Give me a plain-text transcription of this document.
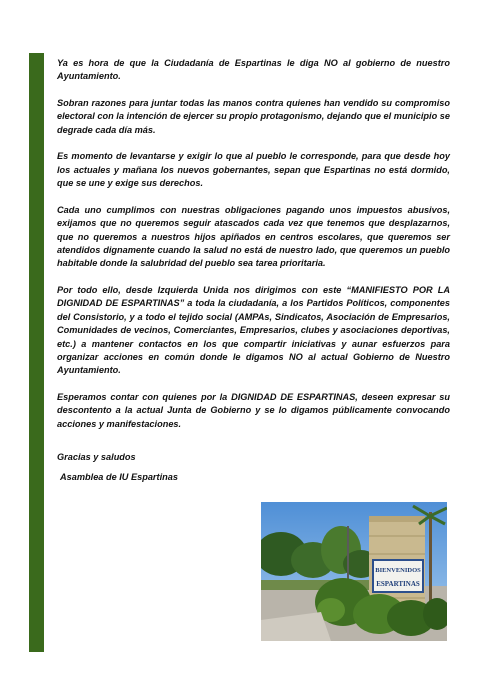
Ya es hora de que la Ciudadanía de Espartinas le diga NO al gobierno de nuestro Ayuntamiento.

Sobran razones para juntar todas las manos contra quienes han vendido su compromiso electoral con la intención de ejercer su propio protagonismo, dejando que el municipio se degrade cada día más.

Es momento de levantarse y exigir lo que al pueblo le corresponde, para que desde hoy los actuales y mañana los nuevos gobernantes, sepan que Espartinas no está dormido, que se une y exige sus derechos.

Cada uno cumplimos con nuestras obligaciones pagando unos impuestos abusivos, exijamos que no queremos seguir atascados cada vez que tenemos que desplazarnos, que no queremos a nuestros hijos apiñados en centros escolares, que queremos ser atendidos dignamente cuando la salud no está de nuestro lado, que queremos un pueblo habitable donde la salubridad del pueblo sea tarea prioritaria.

Por todo ello, desde Izquierda Unida nos dirigimos con este “MANIFIESTO POR LA DIGNIDAD DE ESPARTINAS” a toda la ciudadanía, a los Partidos Políticos, componentes del Consistorio, y a todo el tejido social (AMPAs, Sindicatos, Asociación de Empresarios, Comunidades de vecinos, Comerciantes, Empresarios, clubes y asociaciones deportivas, etc.) a mantener contactos en los que compartir iniciativas y aunar esfuerzos para organizar acciones en común donde le digamos NO al actual Gobierno de Nuestro Ayuntamiento.

Esperamos contar con quienes por la DIGNIDAD DE ESPARTINAS, deseen expresar su descontento a la actual Junta de Gobierno y se lo digamos públicamente convocando acciones y manifestaciones.

Gracias y saludos

Asamblea de IU Espartinas

BIENVENIDOS
ESPARTINAS
